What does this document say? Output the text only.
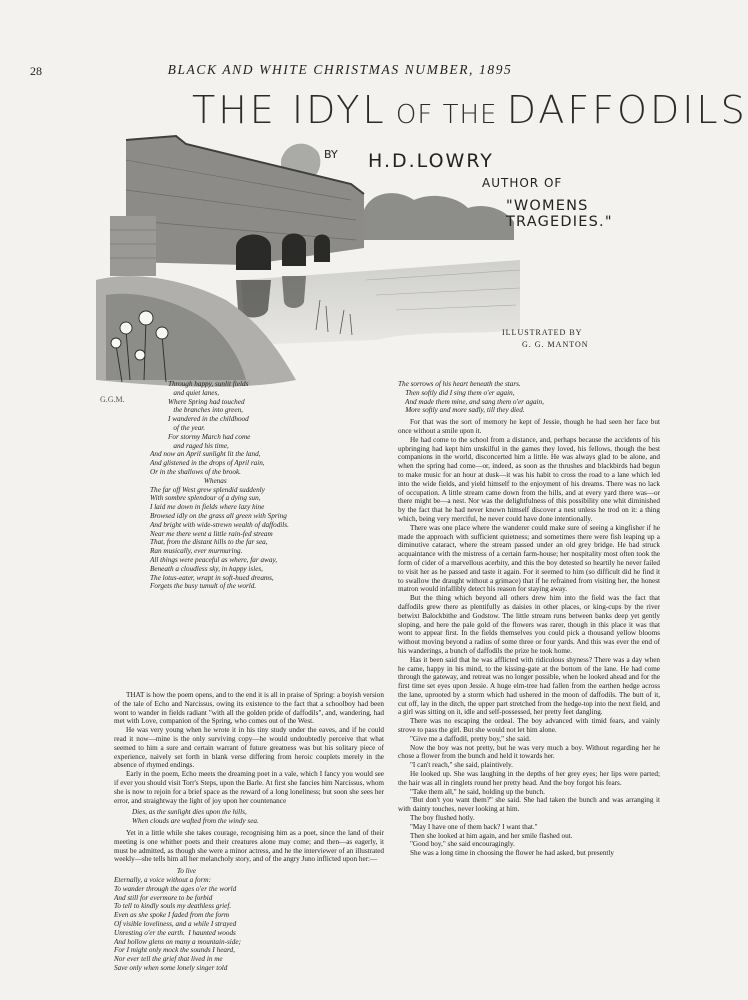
28	BLACK AND WHITE CHRISTMAS NUMBER, 1895
G.G.M.
THE IDYL OF THE DAFFODILS
BY H.D.LOWRY
AUTHOR OF
"WOMENS TRAGEDIES."
ILLUSTRATED BY
G. G. MANTON
Through happy, sunlit fields
and quiet lanes,
Where Spring had touched
the branches into green,
I wandered in the childhood
of the year.
For stormy March had come
and raged his time,
And now an April sunlight lit the land,
And glistened in the drops of April rain,
Or in the shallows of the brook.
Whenas
The far off West grew splendid suddenly
With sombre splendour of a dying sun,
I laid me down in fields where lazy hine
Browsed idly on the grass all green with Spring
And bright with wide-strewn wealth of daffodils.
Near me there went a little rain-fed stream
That, from the distant hills to the far sea,
Ran musically, ever murmuring.
All things were peaceful as where, far away,
Beneath a cloudless sky, in happy isles,
The lotus-eater, wrapt in soft-hued dreams,
Forgets the busy tumult of the world.

THAT is how the poem opens, and to the end it is all in praise of Spring: a boyish version of the tale of Echo and Narcissus, owing its existence to the fact that a schoolboy had been wont to wander in fields radiant "with all the golden pride of daffodils", and, wandering, had met with Love, companion of the Spring, who comes out of the West.

He was very young when he wrote it in his tiny study under the eaves, and if he could read it now—mine is the only surviving copy—he would undoubtedly perceive that what seemed to him a sure and certain warrant of future greatness was but his solitary piece of experience, naively set forth in blank verse differing from heroic couplets merely in the absence of rhymed endings.

Early in the poem, Echo meets the dreaming poet in a vale, which I fancy you would see if ever you should visit Torr's Steps, upon the Barle. At first she fancies him Narcissus, whom she is now to rejoin for a brief space as the reward of a long loneliness; but soon she sees her error, and straightway the light of joy upon her countenance

Dies, as the sunlight dies upon the hills,
When clouds are wafted from the windy sea.

Yet in a little while she takes courage, recognising him as a poet, since the land of their meeting is one whither poets and their creatures alone may come; and then—as eagerly, it must be admitted, as though she were a minor actress, and he the interviewer of an illustrated weekly—she tells him all her melancholy story, and of the angry Juno inflicted upon her:—

To live
Eternally, a voice without a form:
To wander through the ages o'er the world
And still for evermore to be forbid
To tell to kindly souls my deathless grief.
Even as she spoke I faded from the form
Of visible loveliness, and a while I strayed
Unresting o'er the earth.  I haunted woods
And hollow glens on many a mountain-side;
For I might only mock the sounds I heard,
Nor ever tell the grief that lived in me
Save only when some lonely singer told
The sorrows of his heart beneath the stars.
Then softly did I sing them o'er again,
And made them mine, and sang them o'er again,
More softly and more sadly, till they died.

For that was the sort of memory he kept of Jessie, though he had seen her face but once without a smile upon it.

He had come to the school from a distance, and, perhaps because the accidents of his upbringing had kept him unskilful in the games they loved, his fellows, though the best companions in the world, disconcerted him a little. He was always glad to be alone, and when the spring had come—or, indeed, as soon as the thrushes and blackbirds had begun to make music for an hour at dusk—it was his habit to cross the road to a lane which led into the wide fields, and yield himself to the enjoyment of his dreams. There was no lack of occupation. A little stream came down from the hills, and at every yard there was—or there might be—a nest. Nor was the delightfulness of this possibility one whit diminished by the fact that he had never known himself discover a nest unless he trod on it: a thing which, being very merciful, he never could have done intentionally.

There was one place where the wanderer could make sure of seeing a kingfisher if he made the approach with sufficient quietness; and sometimes there were fish leaping up a diminutive cataract, where the stream passed under an old grey bridge. He had struck acquaintance with the mistress of a certain farm-house; her nospitality most often took the form of cider of a marvellous acerbity, and this the boy detested so heartily he never failed to visit her as he passed and taste it again. For it seemed to him (so difficult did he find it to swallow the draught without a grimace) that if he refrained from visiting her, the honest matron would infallibly detect his reason for staying away.

But the thing which beyond all others drew him into the field was the fact that daffodils grew there as plentifully as daisies in other places, or king-cups by the river betwixt Balockbithe and Godstow. The little stream runs between banks deep yet gently sloping, and here the pale gold of the flowers was rarer, though in this place it was that wont to appear first. In the fields themselves you could pick a thousand yellow blooms without moving beyond a radius of some three or four yards. And this was ever the end of his wanderings, a bunch of daffodils the prize he took home.

Has it been said that he was afflicted with ridiculous shyness? There was a day when he came, happy in his mind, to the kissing-gate at the bottom of the lane. He had come through the gateway, and retreat was no longer possible, when he looked ahead and for the first time set eyes upon Jessie. A huge elm-tree had fallen from the earthen hedge across the lane, uprooted by a storm which had ushered in the moon of daffodils. The butt of it, cut off, lay in the ditch, the upper part stretched from the hedge-top into the next field, and a girl was sitting on it, idle and self-possessed, her pretty feet dangling.

There was no escaping the ordeal. The boy advanced with timid fears, and vainly strove to pass the girl. But she would not let him alone.

"Give me a daffodil, pretty boy," she said.

Now the boy was not pretty, but he was very much a boy. Without regarding her he chose a flower from the bunch and held it towards her.

"I can't reach," she said, plaintively.

He looked up. She was laughing in the depths of her grey eyes; her lips were parted; the hair was all in ringlets round her pretty head. And the boy forgot his fears.

"Take them all," he said, holding up the bunch.

"But don't you want them?" she said. She had taken the bunch and was arranging it with dainty touches, never looking at him.

The boy flushed hotly.

"May I have one of them back? I want that."

Then she looked at him again, and her smile flashed out.

"Good boy," she said encouragingly.

She was a long time in choosing the flower he had asked, but presently
